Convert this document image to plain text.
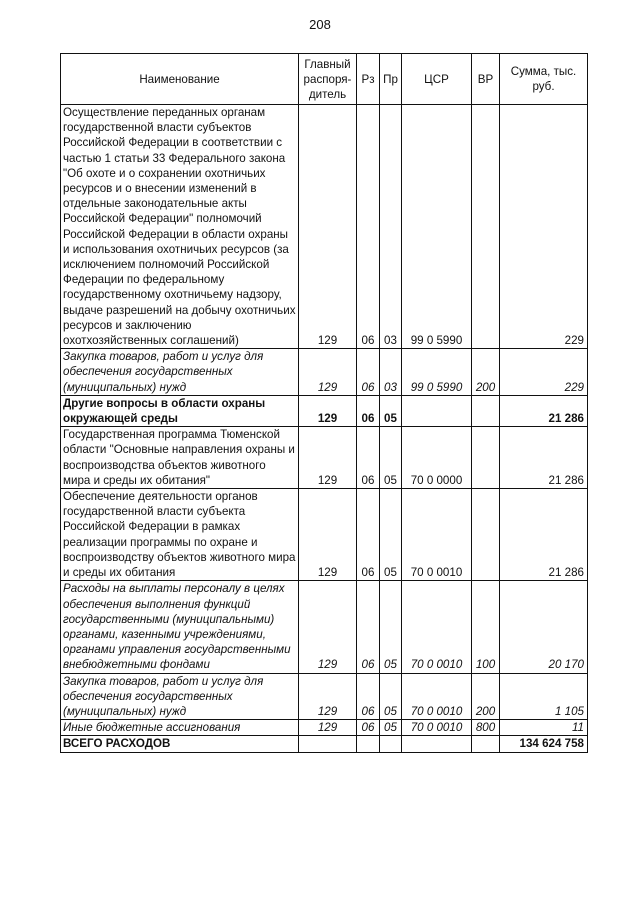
208
Наименование	Главный распоря-дитель	Рз	Пр	ЦСР	ВР	Сумма, тыс. руб.
Осуществление переданных органам государственной власти субъектов Российской Федерации в соответствии с частью 1 статьи 33 Федерального закона "Об охоте и о сохранении охотничьих ресурсов и о внесении изменений в отдельные законодательные акты Российской Федерации" полномочий Российской Федерации в области охраны и использования охотничьих ресурсов (за исключением полномочий Российской Федерации по федеральному государственному охотничьему надзору, выдаче разрешений на добычу охотничьих ресурсов и заключению охотхозяйственных соглашений)	129	06	03	99 0 5990		229
Закупка товаров, работ и услуг для обеспечения государственных (муниципальных) нужд	129	06	03	99 0 5990	200	229
Другие вопросы в области охраны окружающей среды	129	06	05			21 286
Государственная программа Тюменской области "Основные направления охраны и воспроизводства объектов животного мира и среды их обитания"	129	06	05	70 0 0000		21 286
Обеспечение деятельности органов государственной власти субъекта Российской Федерации в рамках реализации программы по охране и воспроизводству объектов животного мира и среды их обитания	129	06	05	70 0 0010		21 286
Расходы на выплаты персоналу в целях обеспечения выполнения функций государственными (муниципальными) органами, казенными учреждениями, органами управления государственными внебюджетными фондами	129	06	05	70 0 0010	100	20 170
Закупка товаров, работ и услуг для обеспечения государственных (муниципальных) нужд	129	06	05	70 0 0010	200	1 105
Иные бюджетные ассигнования	129	06	05	70 0 0010	800	11
ВСЕГО РАСХОДОВ						134 624 758
